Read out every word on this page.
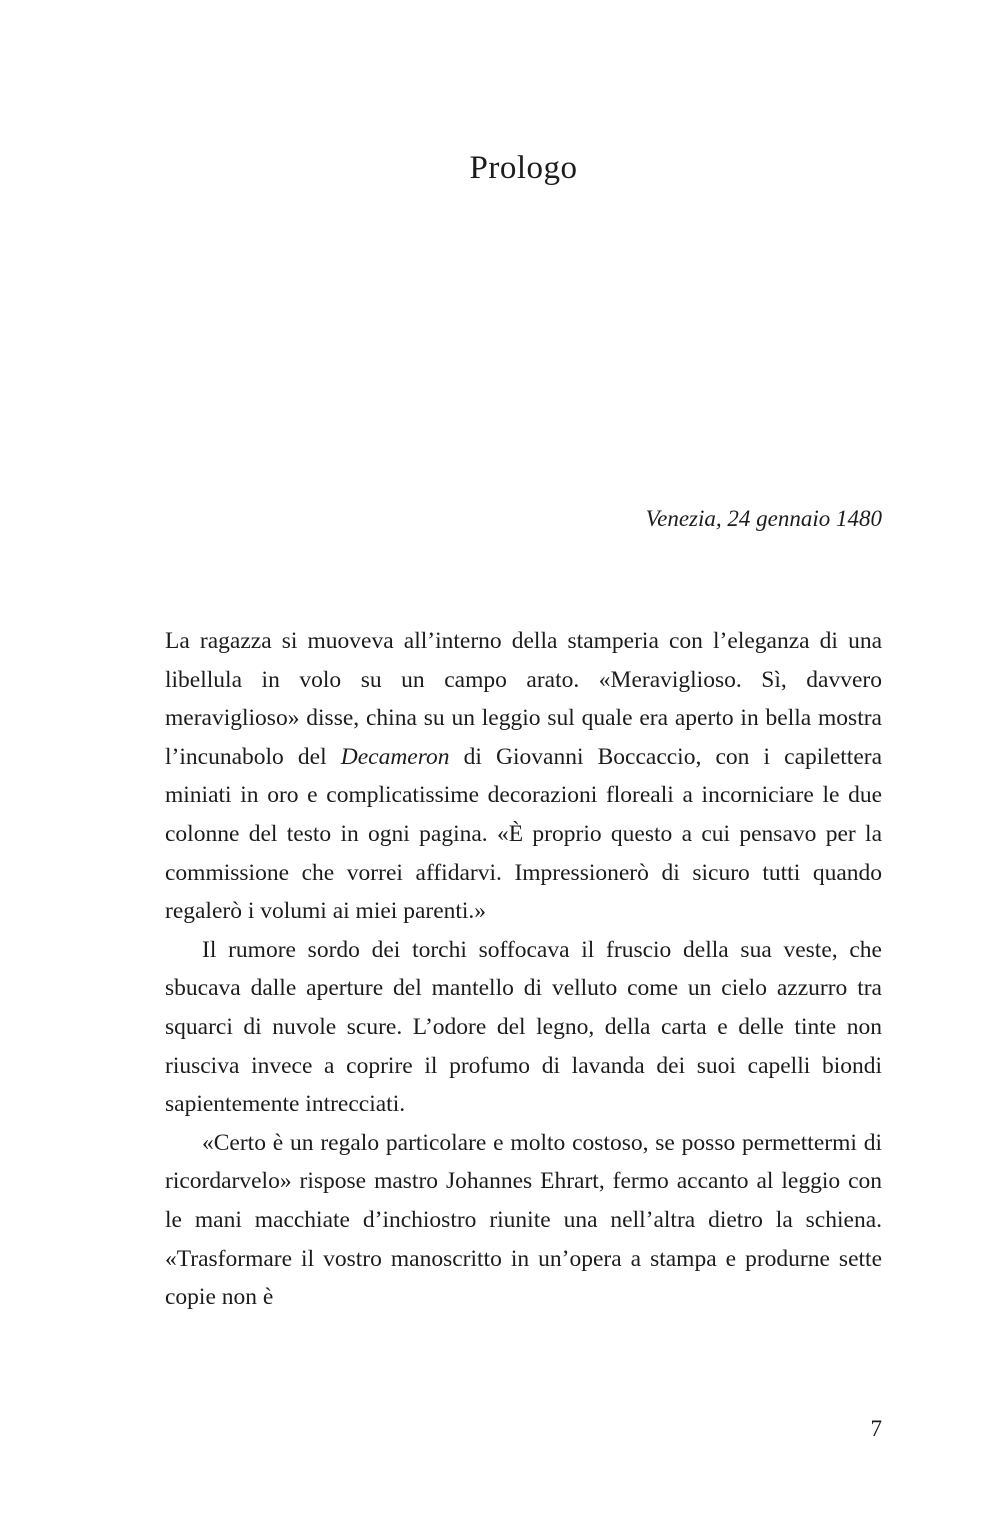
Prologo
Venezia, 24 gennaio 1480

La ragazza si muoveva all’interno della stamperia con l’eleganza di una libellula in volo su un campo arato. «Meraviglioso. Sì, davvero meraviglioso» disse, china su un leggio sul quale era aperto in bella mostra l’incunabolo del Decameron di Giovanni Boccaccio, con i capilettera miniati in oro e complicatissime decorazioni floreali a incorniciare le due colonne del testo in ogni pagina. «È proprio questo a cui pensavo per la commissione che vorrei affidarvi. Impressionerò di sicuro tutti quando regalerò i volumi ai miei parenti.»

Il rumore sordo dei torchi soffocava il fruscio della sua veste, che sbucava dalle aperture del mantello di velluto come un cielo azzurro tra squarci di nuvole scure. L’odore del legno, della carta e delle tinte non riusciva invece a coprire il profumo di lavanda dei suoi capelli biondi sapientemente intrecciati.

«Certo è un regalo particolare e molto costoso, se posso permettermi di ricordarvelo» rispose mastro Johannes Ehrart, fermo accanto al leggio con le mani macchiate d’inchiostro riunite una nell’altra dietro la schiena. «Trasformare il vostro manoscritto in un’opera a stampa e produrne sette copie non è

7
